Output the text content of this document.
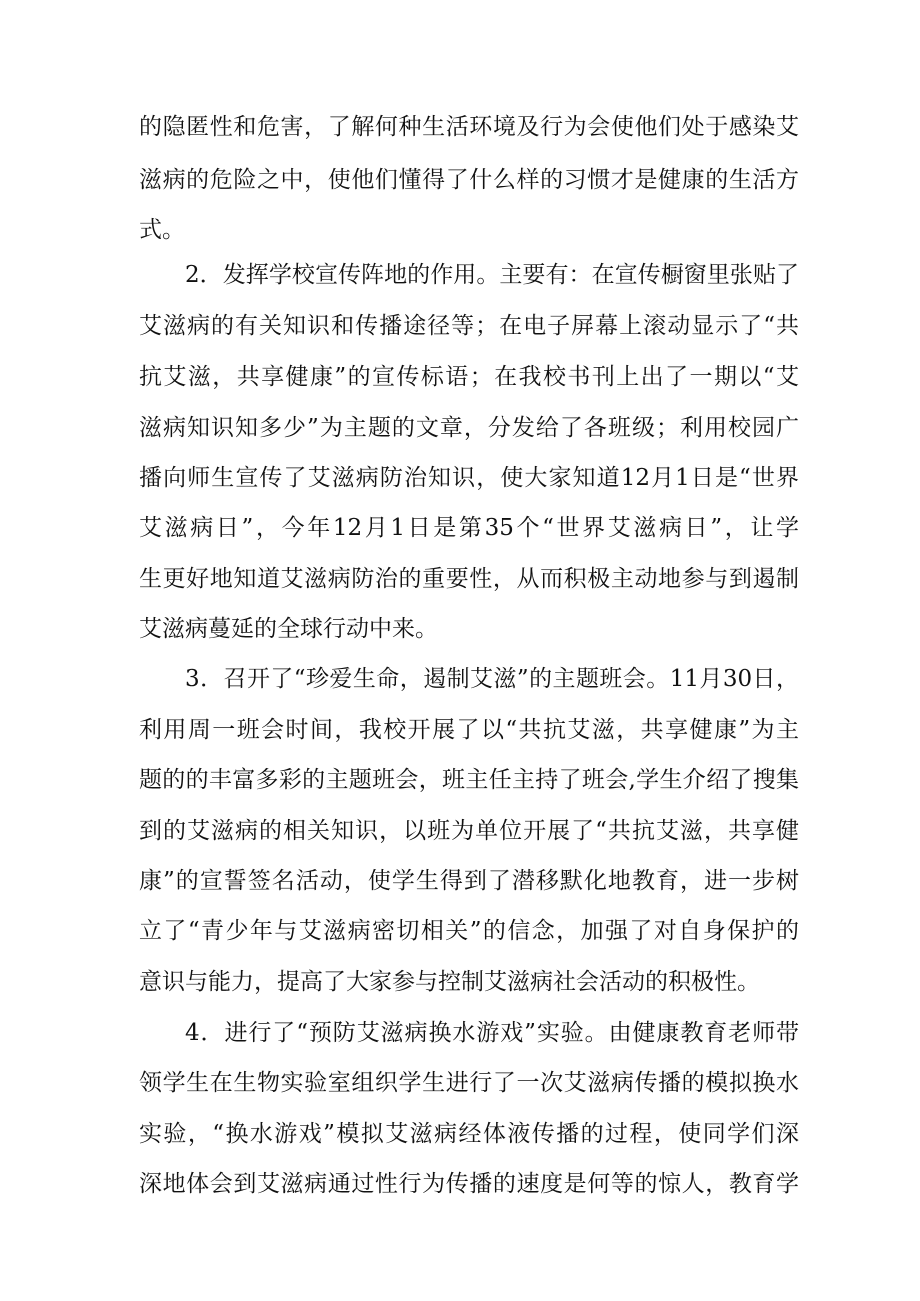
的隐匿性和危害，了解何种生活环境及行为会使他们处于感染艾
滋病的危险之中，使他们懂得了什么样的习惯才是健康的生活方
式。
2．发挥学校宣传阵地的作用。主要有：在宣传橱窗里张贴了
艾滋病的有关知识和传播途径等；在电子屏幕上滚动显示了“共
抗艾滋，共享健康”的宣传标语；在我校书刊上出了一期以“艾
滋病知识知多少”为主题的文章，分发给了各班级；利用校园广
播向师生宣传了艾滋病防治知识，使大家知道12月1日是“世界
艾滋病日”，今年12月1日是第35个“世界艾滋病日”，让学
生更好地知道艾滋病防治的重要性，从而积极主动地参与到遏制
艾滋病蔓延的全球行动中来。
3．召开了“珍爱生命，遏制艾滋”的主题班会。11月30日，
利用周一班会时间，我校开展了以“共抗艾滋，共享健康”为主
题的的丰富多彩的主题班会，班主任主持了班会,学生介绍了搜集
到的艾滋病的相关知识，以班为单位开展了“共抗艾滋，共享健
康”的宣誓签名活动，使学生得到了潜移默化地教育，进一步树
立了“青少年与艾滋病密切相关”的信念，加强了对自身保护的
意识与能力，提高了大家参与控制艾滋病社会活动的积极性。
4．进行了“预防艾滋病换水游戏”实验。由健康教育老师带
领学生在生物实验室组织学生进行了一次艾滋病传播的模拟换水
实验，“换水游戏”模拟艾滋病经体液传播的过程，使同学们深
深地体会到艾滋病通过性行为传播的速度是何等的惊人，教育学
